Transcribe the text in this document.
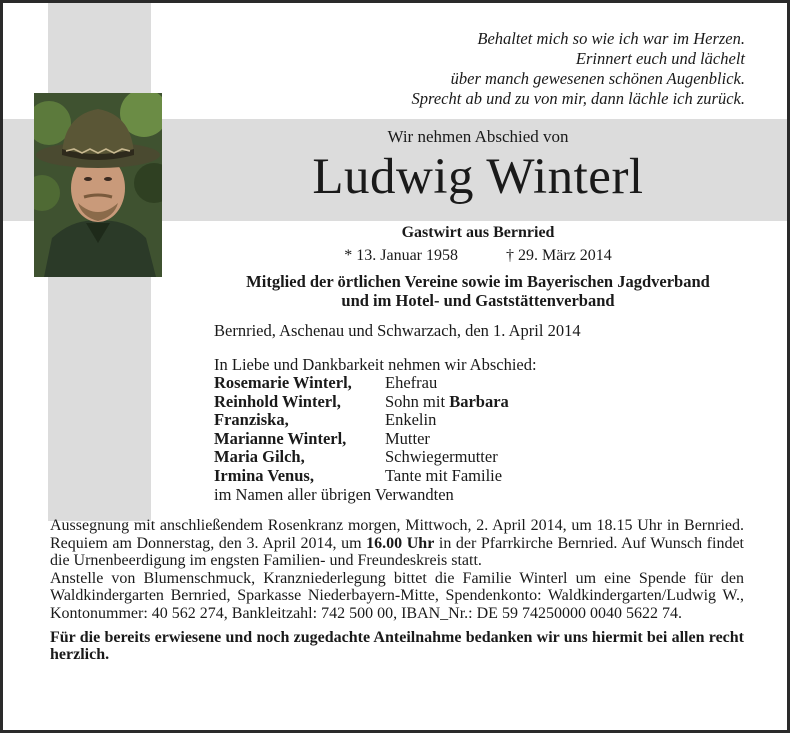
Behaltet mich so wie ich war im Herzen.
Erinnert euch und lächelt
über manch gewesenen schönen Augenblick.
Sprecht ab und zu von mir, dann lächle ich zurück.
Wir nehmen Abschied von
Ludwig Winterl
Gastwirt aus Bernried
* 13. Januar 1958	† 29. März 2014
Mitglied der örtlichen Vereine sowie im Bayerischen Jagdverband
und im Hotel- und Gaststättenverband
Bernried, Aschenau und Schwarzach, den 1. April 2014
In Liebe und Dankbarkeit nehmen wir Abschied:
Rosemarie Winterl,	Ehefrau
Reinhold Winterl,	Sohn mit Barbara
Franziska,	Enkelin
Marianne Winterl,	Mutter
Maria Gilch,	Schwiegermutter
Irmina Venus,	Tante mit Familie
im Namen aller übrigen Verwandten

Aussegnung mit anschließendem Rosenkranz morgen, Mittwoch, 2. April 2014, um 18.15 Uhr in Bernried. Requiem am Donnerstag, den 3. April 2014, um 16.00 Uhr in der Pfarrkirche Bernried. Auf Wunsch findet die Urnenbeerdigung im engsten Familien- und Freundeskreis statt.

Anstelle von Blumenschmuck, Kranzniederlegung bittet die Familie Winterl um eine Spende für den Waldkindergarten Bernried, Sparkasse Niederbayern-Mitte, Spendenkonto: Waldkindergarten/Ludwig W., Kontonummer: 40 562 274, Bankleitzahl: 742 500 00, IBAN_Nr.: DE 59 74250000 0040 5622 74.

Für die bereits erwiesene und noch zugedachte Anteilnahme bedanken wir uns hiermit bei allen recht herzlich.
